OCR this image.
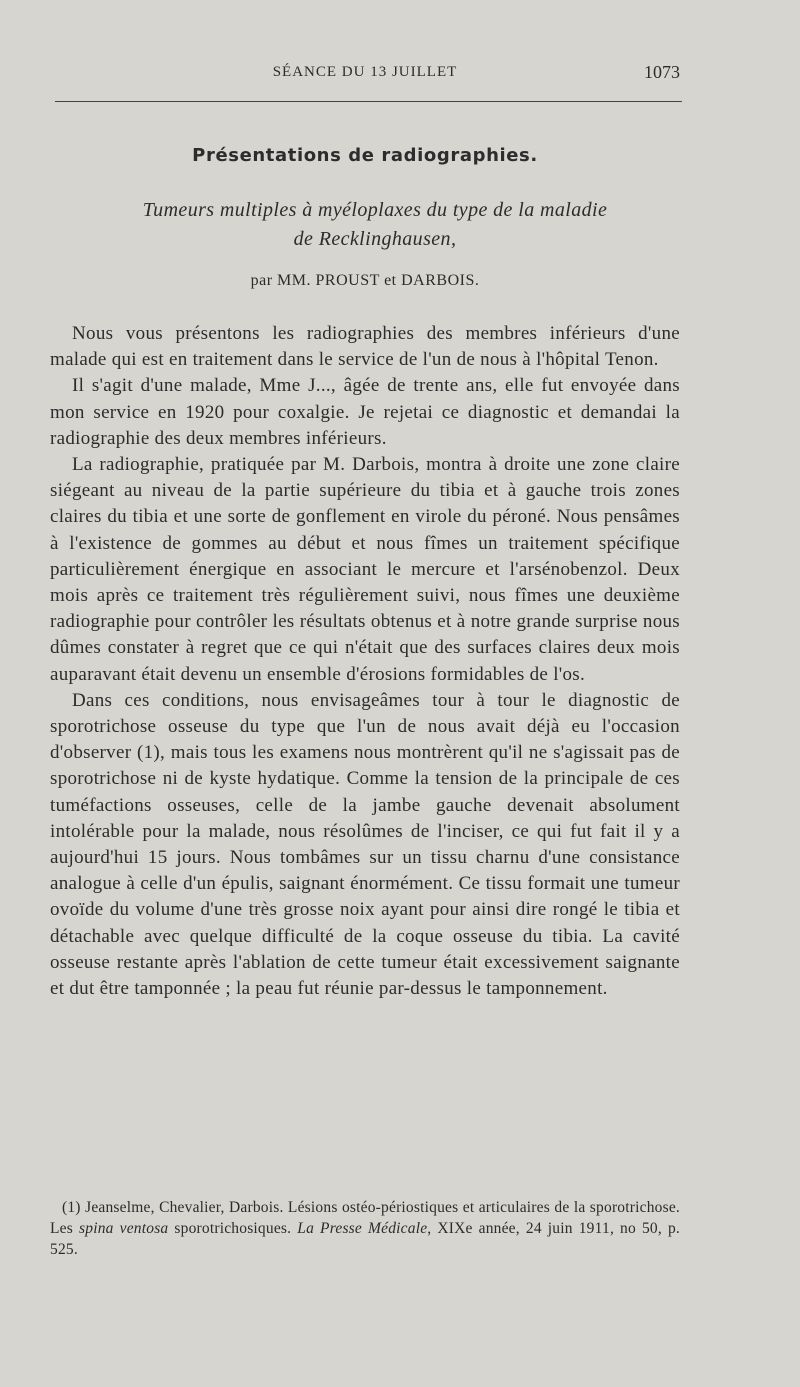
SÉANCE DU 13 JUILLET	1073
Présentations de radiographies.
Tumeurs multiples à myéloplaxes du type de la maladie
de Recklinghausen,
par MM. PROUST et DARBOIS.

Nous vous présentons les radiographies des membres inférieurs d'une malade qui est en traitement dans le service de l'un de nous à l'hôpital Tenon.

Il s'agit d'une malade, Mme J..., âgée de trente ans, elle fut envoyée dans mon service en 1920 pour coxalgie. Je rejetai ce diagnostic et demandai la radiographie des deux membres inférieurs.

La radiographie, pratiquée par M. Darbois, montra à droite une zone claire siégeant au niveau de la partie supérieure du tibia et à gauche trois zones claires du tibia et une sorte de gonflement en virole du péroné. Nous pensâmes à l'existence de gommes au début et nous fîmes un traitement spécifique particulièrement énergique en associant le mercure et l'arsénobenzol. Deux mois après ce traitement très régulièrement suivi, nous fîmes une deuxième radiographie pour contrôler les résultats obtenus et à notre grande surprise nous dûmes constater à regret que ce qui n'était que des surfaces claires deux mois auparavant était devenu un ensemble d'érosions formidables de l'os.

Dans ces conditions, nous envisageâmes tour à tour le diagnostic de sporotrichose osseuse du type que l'un de nous avait déjà eu l'occasion d'observer (1), mais tous les examens nous montrèrent qu'il ne s'agissait pas de sporotrichose ni de kyste hydatique. Comme la tension de la principale de ces tuméfactions osseuses, celle de la jambe gauche devenait absolument intolérable pour la malade, nous résolûmes de l'inciser, ce qui fut fait il y a aujourd'hui 15 jours. Nous tombâmes sur un tissu charnu d'une consistance analogue à celle d'un épulis, saignant énormément. Ce tissu formait une tumeur ovoïde du volume d'une très grosse noix ayant pour ainsi dire rongé le tibia et détachable avec quelque difficulté de la coque osseuse du tibia. La cavité osseuse restante après l'ablation de cette tumeur était excessivement saignante et dut être tamponnée ; la peau fut réunie par-dessus le tamponnement.

(1) Jeanselme, Chevalier, Darbois. Lésions ostéo-périostiques et articulaires de la sporotrichose. Les spina ventosa sporotrichosiques. La Presse Médicale, XIXe année, 24 juin 1911, no 50, p. 525.
